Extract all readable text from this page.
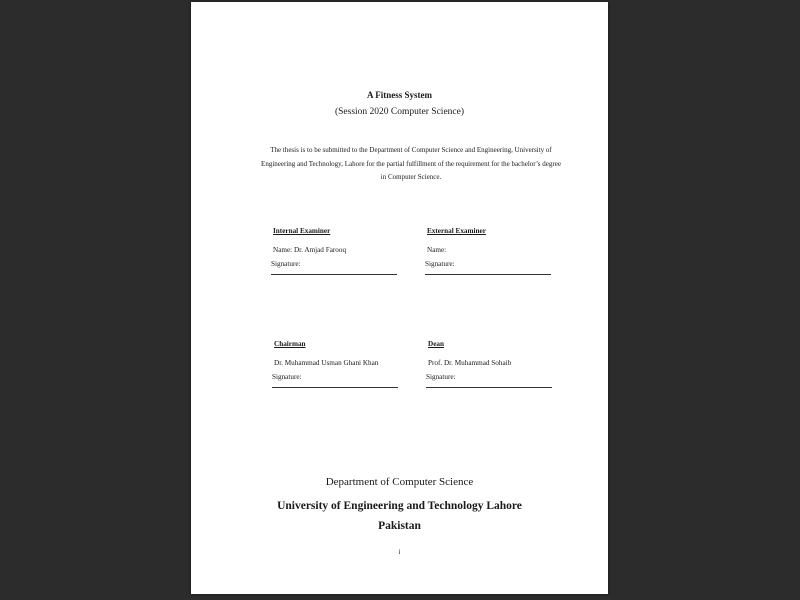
A Fitness System
(Session 2020 Computer Science)
The thesis is to be submitted to the Department of Computer Science and Engineering, University of Engineering and Technology, Lahore for the partial fulfillment of the requirement for the bachelor’s degree in Computer Science.
Internal Examiner
Name: Dr. Amjad Farooq
Signature:
External Examiner
Name:
Signature:
Chairman
Dr. Muhammad Usman Ghani Khan
Signature:
Dean
Prof. Dr. Muhammad Sohaib
Signature:
Department of Computer Science
University of Engineering and Technology Lahore
Pakistan
i
